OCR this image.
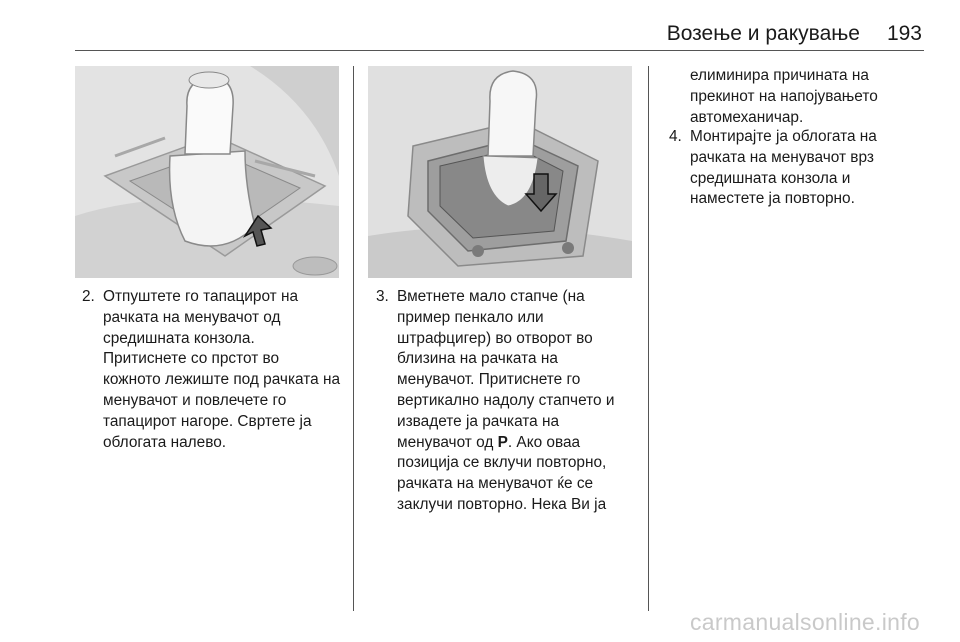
Возење и ракување 193

2. Отпуштете го тапацирот на рачката на менувачот од средишната конзола. Притиснете со прстот во кожното лежиште под рачката на менувачот и повлечете го тапацирот нагоре. Свртете ја облогата налево.

3. Вметнете мало стапче (на пример пенкало или штрафцигер) во отворот во близина на рачката на менувачот. Притиснете го вертикално надолу стапчето и извадете ја рачката на менувачот од P. Ако оваа позиција се вклучи повторно, рачката на менувачот ќе се заклучи повторно. Нека Ви ја

елиминира причината на прекинот на напојувањето автомеханичар.

4. Монтирајте ја облогата на рачката на менувачот врз средишната конзола и наместете ја повторно.

carmanualsonline.info
